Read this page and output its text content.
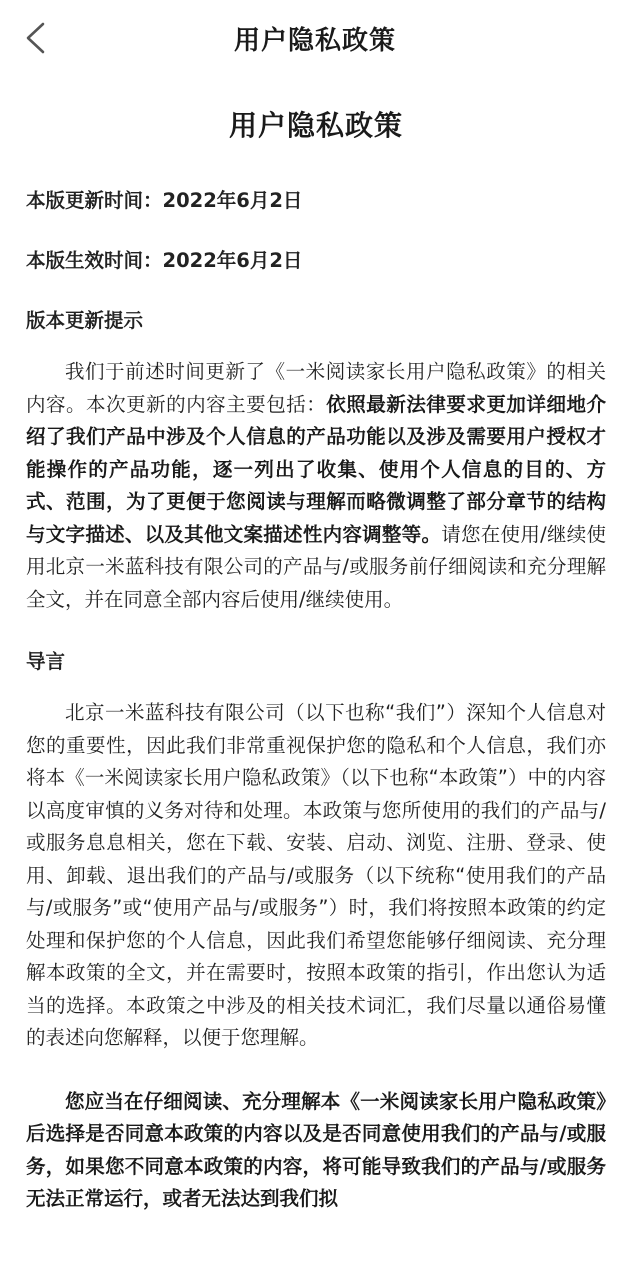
用户隐私政策
用户隐私政策
本版更新时间：2022年6月2日
本版生效时间：2022年6月2日
版本更新提示

我们于前述时间更新了《一米阅读家长用户隐私政策》的相关内容。本次更新的内容主要包括：依照最新法律要求更加详细地介绍了我们产品中涉及个人信息的产品功能以及涉及需要用户授权才能操作的产品功能，逐一列出了收集、使用个人信息的目的、方式、范围，为了更便于您阅读与理解而略微调整了部分章节的结构与文字描述、以及其他文案描述性内容调整等。请您在使用/继续使用北京一米蓝科技有限公司的产品与/或服务前仔细阅读和充分理解全文，并在同意全部内容后使用/继续使用。

导言

北京一米蓝科技有限公司（以下也称“我们”）深知个人信息对您的重要性，因此我们非常重视保护您的隐私和个人信息，我们亦将本《一米阅读家长用户隐私政策》（以下也称“本政策”）中的内容以高度审慎的义务对待和处理。本政策与您所使用的我们的产品与/或服务息息相关，您在下载、安装、启动、浏览、注册、登录、使用、卸载、退出我们的产品与/或服务（以下统称“使用我们的产品与/或服务”或“使用产品与/或服务”）时，我们将按照本政策的约定处理和保护您的个人信息，因此我们希望您能够仔细阅读、充分理解本政策的全文，并在需要时，按照本政策的指引，作出您认为适当的选择。本政策之中涉及的相关技术词汇，我们尽量以通俗易懂的表述向您解释，以便于您理解。

您应当在仔细阅读、充分理解本《一米阅读家长用户隐私政策》后选择是否同意本政策的内容以及是否同意使用我们的产品与/或服务，如果您不同意本政策的内容，将可能导致我们的产品与/或服务无法正常运行，或者无法达到我们拟
